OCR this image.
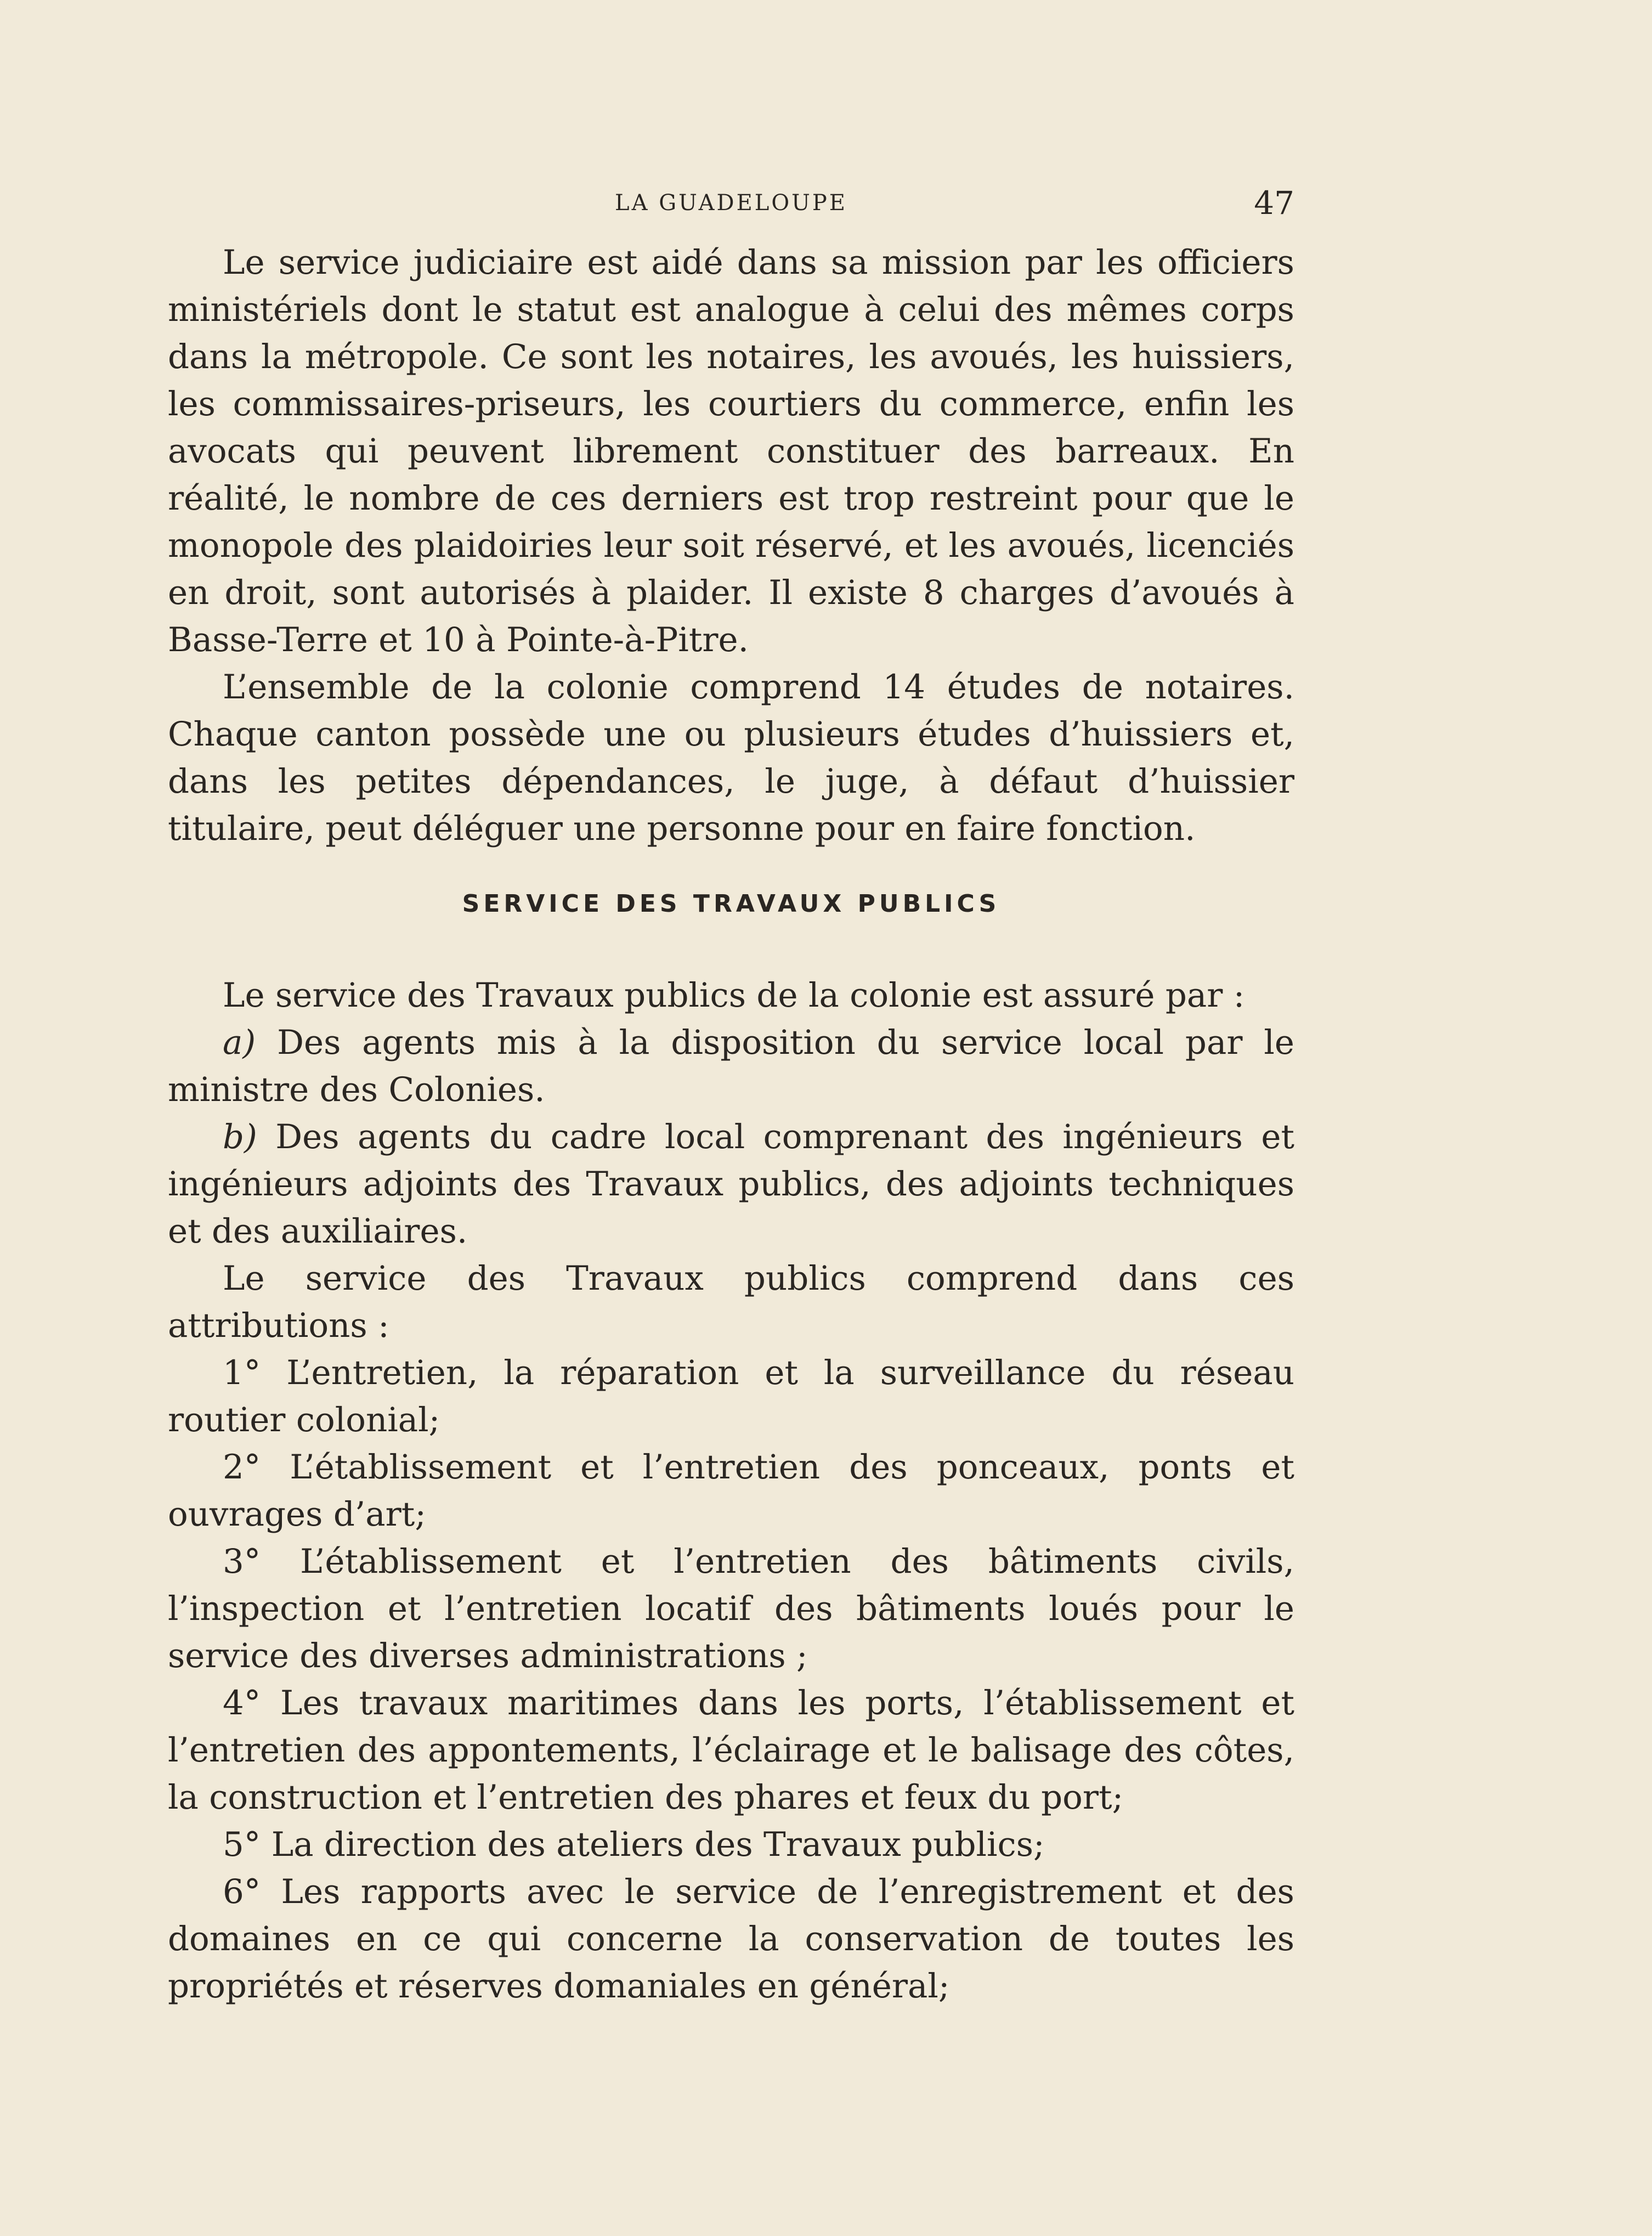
LA GUADELOUPE	47

Le service judiciaire est aidé dans sa mission par les officiers ministériels dont le statut est analogue à celui des mêmes corps dans la métropole. Ce sont les notaires, les avoués, les huissiers, les commissaires-priseurs, les courtiers du commerce, enfin les avocats qui peuvent librement constituer des barreaux. En réalité, le nombre de ces derniers est trop restreint pour que le monopole des plaidoiries leur soit réservé, et les avoués, licenciés en droit, sont autorisés à plaider. Il existe 8 charges d’avoués à Basse-Terre et 10 à Pointe-à-Pitre.

L’ensemble de la colonie comprend 14 études de notaires. Chaque canton possède une ou plusieurs études d’huissiers et, dans les petites dépendances, le juge, à défaut d’huissier titulaire, peut déléguer une personne pour en faire fonction.

SERVICE DES TRAVAUX PUBLICS

Le service des Travaux publics de la colonie est assuré par :

a) Des agents mis à la disposition du service local par le ministre des Colonies.

b) Des agents du cadre local comprenant des ingénieurs et ingénieurs adjoints des Travaux publics, des adjoints techniques et des auxiliaires.

Le service des Travaux publics comprend dans ces attributions :

1° L’entretien, la réparation et la surveillance du réseau routier colonial;

2° L’établissement et l’entretien des ponceaux, ponts et ouvrages d’art;

3° L’établissement et l’entretien des bâtiments civils, l’inspection et l’entretien locatif des bâtiments loués pour le service des diverses administrations ;

4° Les travaux maritimes dans les ports, l’établissement et l’entretien des appontements, l’éclairage et le balisage des côtes, la construction et l’entretien des phares et feux du port;

5° La direction des ateliers des Travaux publics;

6° Les rapports avec le service de l’enregistrement et des domaines en ce qui concerne la conservation de toutes les propriétés et réserves domaniales en général;
